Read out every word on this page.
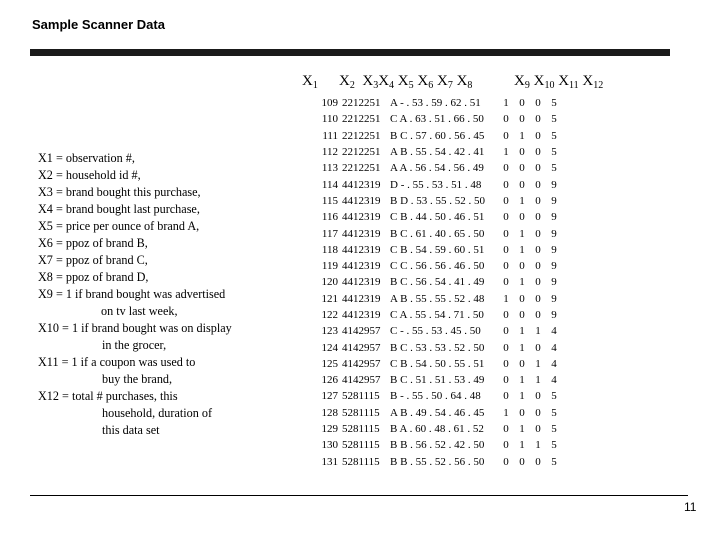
Sample Scanner Data
$X_1$ $X_2$  $X_3X_4$ $X_5$ $X_6$ $X_7$ $X_8$	$X_9$ $X_{10}$ $X_{11}$ $X_{12}$
X1 = observation #,
X2 = household id #,
X3 = brand bought this purchase,
X4 = brand bought last purchase,
X5 = price per ounce of brand A,
X6 = ppoz of brand B,
X7 = ppoz of brand C,
X8 = ppoz of brand D,
X9 = 1 if brand bought was advertised
on tv last week,
X10 = 1 if brand bought was on display
in the grocer,
X11 = 1 if a coupon was used to
buy the brand,
X12 = total # purchases, this
household, duration of
this data set
109	2212251	A - . 53 . 59 . 62 . 51	1	0	0	5
110	2212251	C A . 63 . 51 . 66 . 50	0	0	0	5
111	2212251	B C . 57 . 60 . 56 . 45	0	1	0	5
112	2212251	A B . 55 . 54 . 42 . 41	1	0	0	5
113	2212251	A A . 56 . 54 . 56 . 49	0	0	0	5
114	4412319	D - . 55 . 53 . 51 . 48	0	0	0	9
115	4412319	B D . 53 . 55 . 52 . 50	0	1	0	9
116	4412319	C B . 44 . 50 . 46 . 51	0	0	0	9
117	4412319	B C . 61 . 40 . 65 . 50	0	1	0	9
118	4412319	C B . 54 . 59 . 60 . 51	0	1	0	9
119	4412319	C C . 56 . 56 . 46 . 50	0	0	0	9
120	4412319	B C . 56 . 54 . 41 . 49	0	1	0	9
121	4412319	A B . 55 . 55 . 52 . 48	1	0	0	9
122	4412319	C A . 55 . 54 . 71 . 50	0	0	0	9
123	4142957	C - . 55 . 53 . 45 . 50	0	1	1	4
124	4142957	B C . 53 . 53 . 52 . 50	0	1	0	4
125	4142957	C B . 54 . 50 . 55 . 51	0	0	1	4
126	4142957	B C . 51 . 51 . 53 . 49	0	1	1	4
127	5281115	B - . 55 . 50 . 64 . 48	0	1	0	5
128	5281115	A B . 49 . 54 . 46 . 45	1	0	0	5
129	5281115	B A . 60 . 48 . 61 . 52	0	1	0	5
130	5281115	B B . 56 . 52 . 42 . 50	0	1	1	5
131	5281115	B B . 55 . 52 . 56 . 50	0	0	0	5
11
